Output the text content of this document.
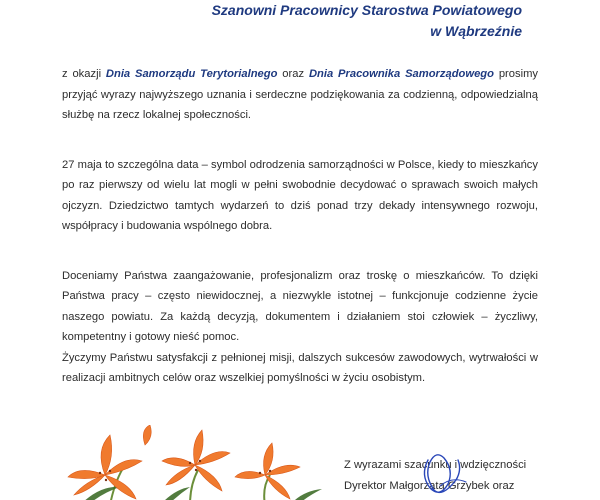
Szanowni Pracownicy Starostwa Powiatowego
w Wąbrzeźnie

z okazji Dnia Samorządu Terytorialnego oraz Dnia Pracownika Samorządowego prosimy przyjąć wyrazy najwyższego uznania i serdeczne podziękowania za codzienną, odpowiedzialną służbę na rzecz lokalnej społeczności.

27 maja to szczególna data – symbol odrodzenia samorządności w Polsce, kiedy to mieszkańcy po raz pierwszy od wielu lat mogli w pełni swobodnie decydować o sprawach swoich małych ojczyzn. Dziedzictwo tamtych wydarzeń to dziś ponad trzy dekady intensywnego rozwoju, współpracy i budowania wspólnego dobra.

Doceniamy Państwa zaangażowanie, profesjonalizm oraz troskę o mieszkańców. To dzięki Państwa pracy – często niewidocznej, a niezwykle istotnej – funkcjonuje codzienne życie naszego powiatu. Za każdą decyzją, dokumentem i działaniem stoi człowiek – życzliwy, kompetentny i gotowy nieść pomoc.

Życzymy Państwu satysfakcji z pełnionej misji, dalszych sukcesów zawodowych, wytrwałości w realizacji ambitnych celów oraz wszelkiej pomyślności w życiu osobistym.

Z wyrazami szacunku i wdzięczności
Dyrektor Małgorzata Grzybek oraz
